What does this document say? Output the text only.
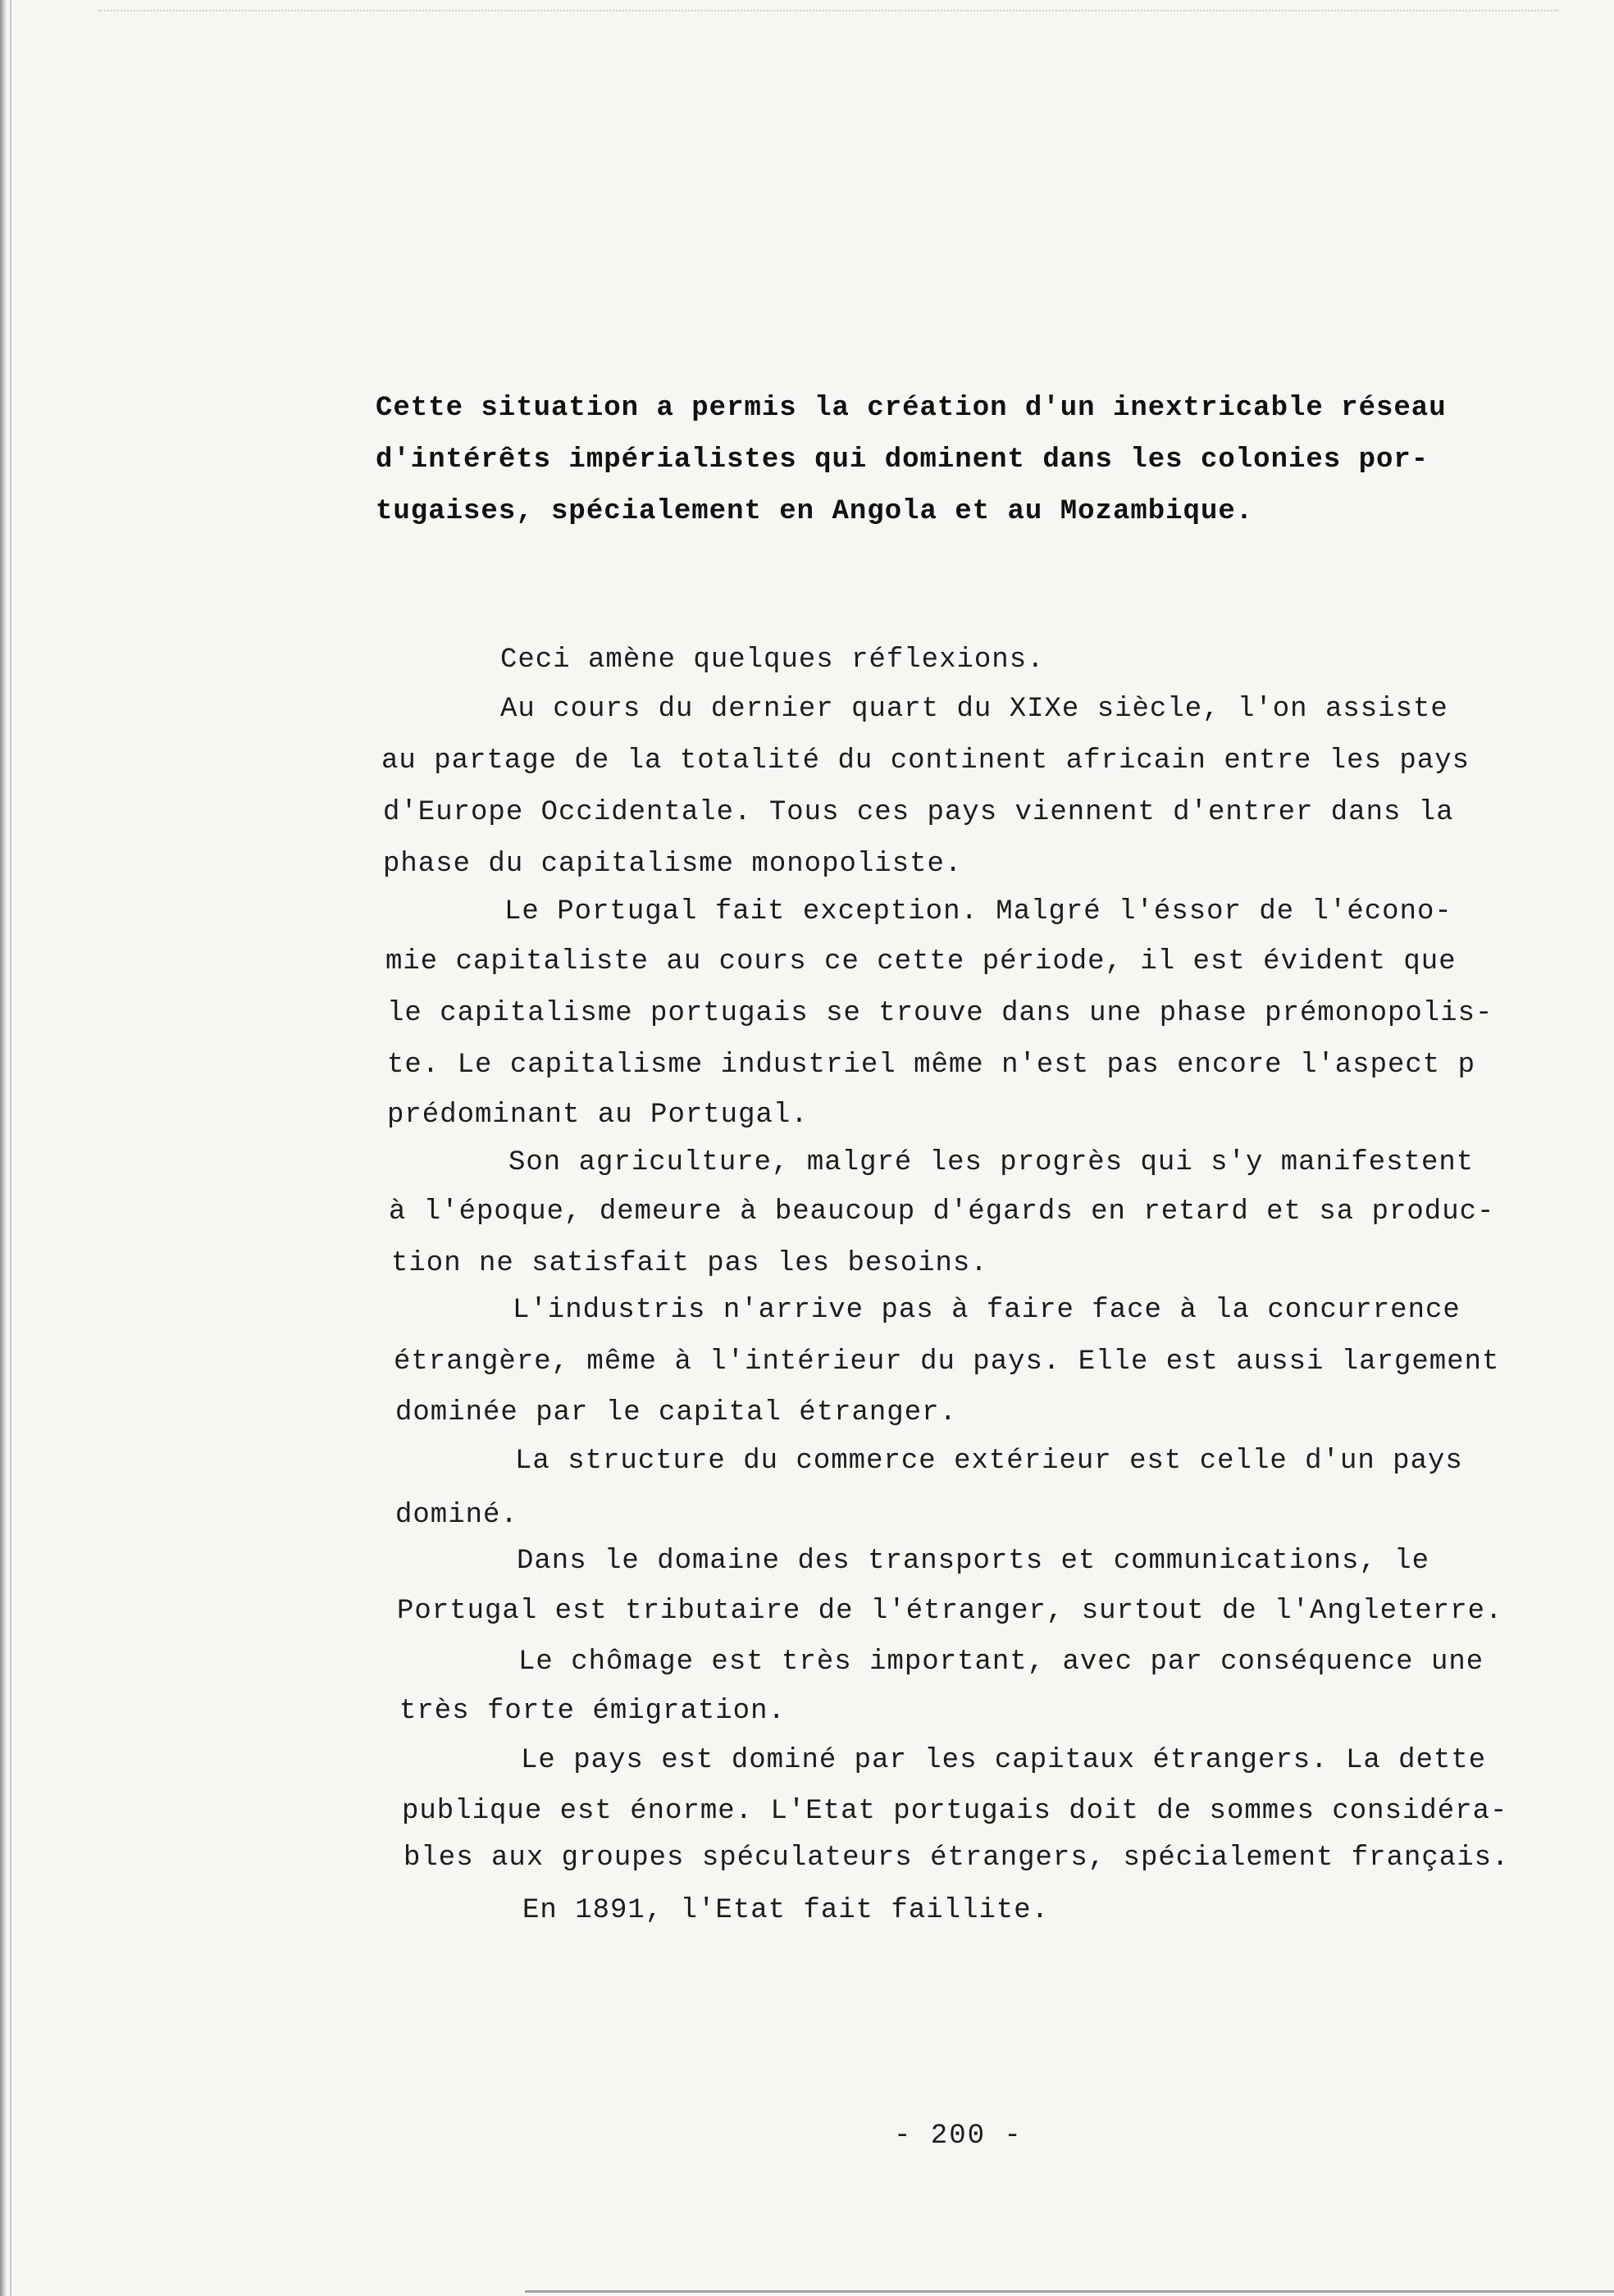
Cette situation a permis la création d'un inextricable réseau
d'intérêts impérialistes qui dominent dans les colonies por-
tugaises, spécialement en Angola et au Mozambique.
Ceci amène quelques réflexions.
Au cours du dernier quart du XIXe siècle, l'on assiste
au partage de la totalité du continent africain entre les pays
d'Europe Occidentale. Tous ces pays viennent d'entrer dans la
phase du capitalisme monopoliste.
Le Portugal fait exception. Malgré l'éssor de l'écono-
mie capitaliste au cours ce cette période, il est évident que
le capitalisme portugais se trouve dans une phase prémonopolis-
te. Le capitalisme industriel même n'est pas encore l'aspect p
prédominant au Portugal.
Son agriculture, malgré les progrès qui s'y manifestent
à l'époque, demeure à beaucoup d'égards en retard et sa produc-
tion ne satisfait pas les besoins.
L'industris n'arrive pas à faire face à la concurrence
étrangère, même à l'intérieur du pays. Elle est aussi largement
dominée par le capital étranger.
La structure du commerce extérieur est celle d'un pays
dominé.
Dans le domaine des transports et communications, le
Portugal est tributaire de l'étranger, surtout de l'Angleterre.
Le chômage est très important, avec par conséquence une
très forte émigration.
Le pays est dominé par les capitaux étrangers. La dette
publique est énorme. L'Etat portugais doit de sommes considéra-
bles aux groupes spéculateurs étrangers, spécialement français.
En 1891, l'Etat fait faillite.
- 200 -
